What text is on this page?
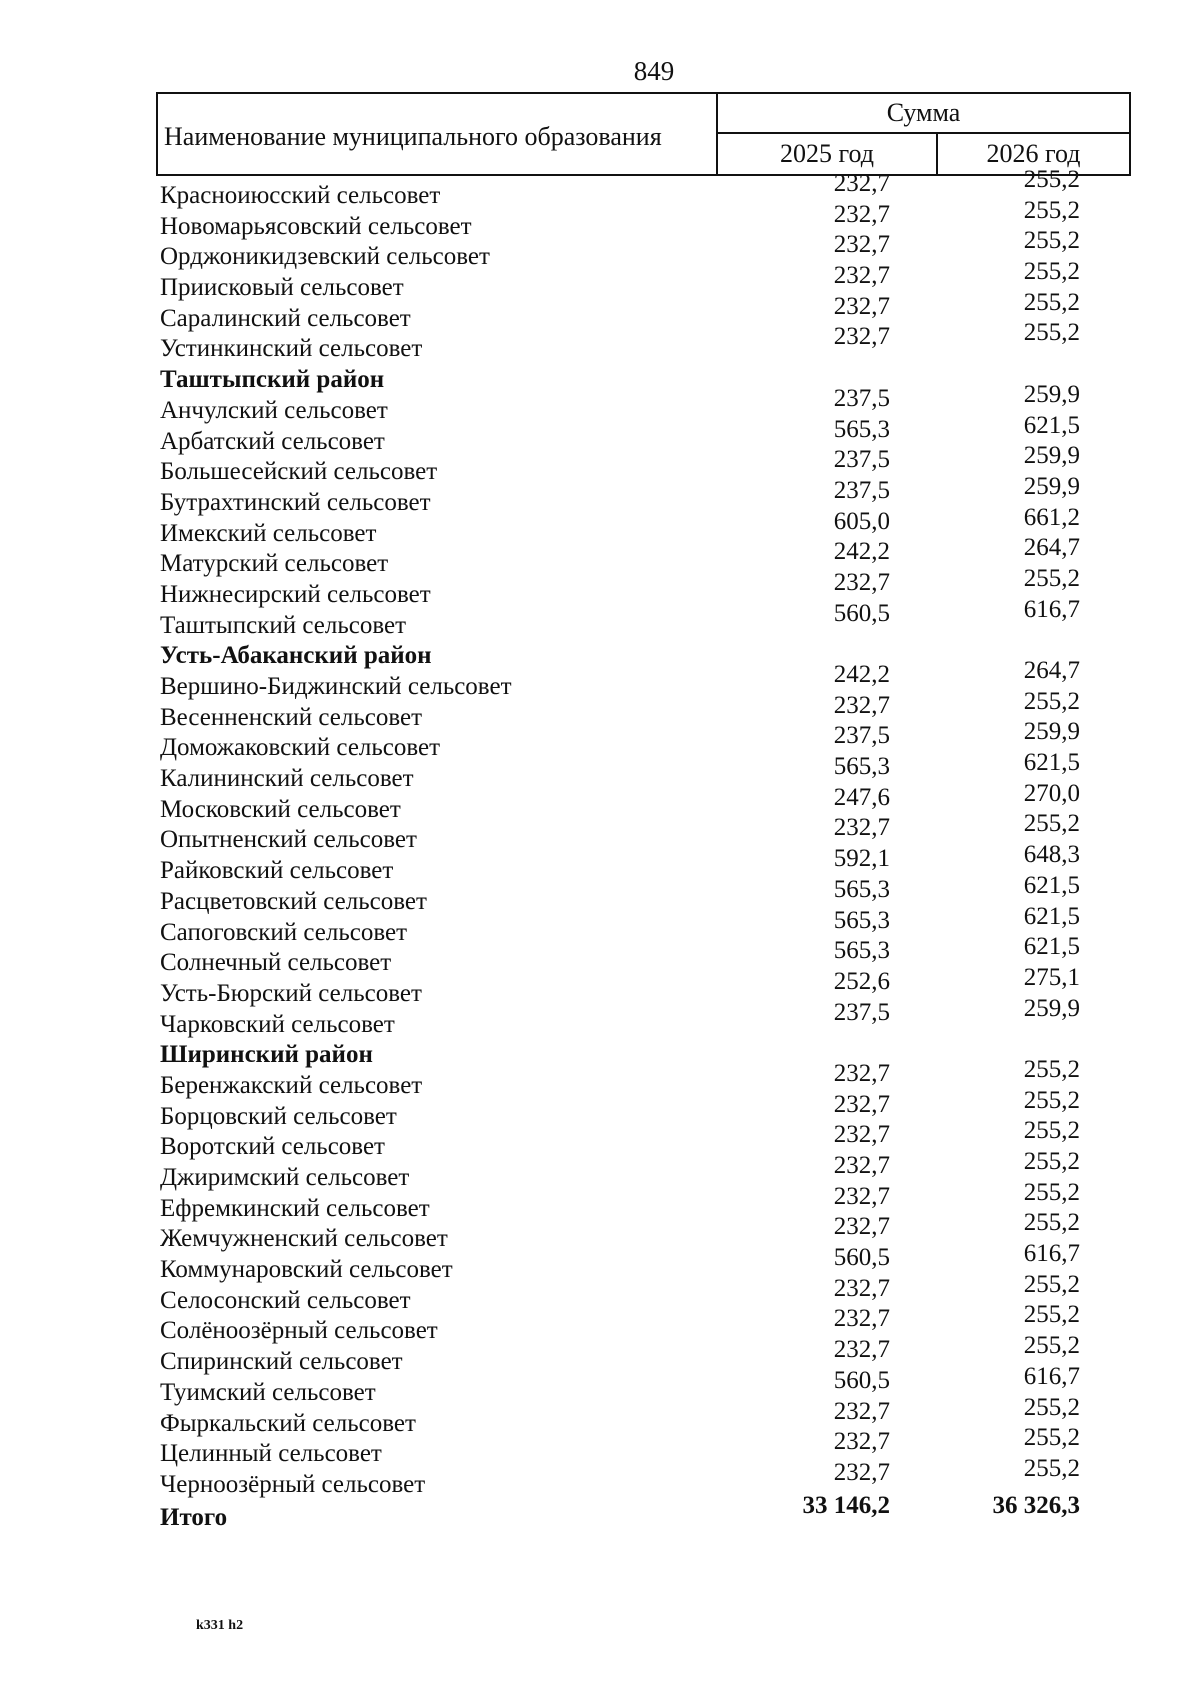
849
Наименование муниципального образования
Сумма
2025 год	2026 год
Красноиюсский сельсовет	232,7	255,2
Новомарьясовский сельсовет	232,7	255,2
Орджоникидзевский сельсовет	232,7	255,2
Приисковый сельсовет	232,7	255,2
Саралинский сельсовет	232,7	255,2
Устинкинский сельсовет	232,7	255,2
Таштыпский район
Анчулский сельсовет	237,5	259,9
Арбатский сельсовет	565,3	621,5
Большесейский сельсовет	237,5	259,9
Бутрахтинский сельсовет	237,5	259,9
Имекский сельсовет	605,0	661,2
Матурский сельсовет	242,2	264,7
Нижнесирский сельсовет	232,7	255,2
Таштыпский сельсовет	560,5	616,7
Усть-Абаканский район
Вершино-Биджинский сельсовет	242,2	264,7
Весенненский сельсовет	232,7	255,2
Доможаковский сельсовет	237,5	259,9
Калининский сельсовет	565,3	621,5
Московский сельсовет	247,6	270,0
Опытненский сельсовет	232,7	255,2
Райковский сельсовет	592,1	648,3
Расцветовский сельсовет	565,3	621,5
Сапоговский сельсовет	565,3	621,5
Солнечный сельсовет	565,3	621,5
Усть-Бюрский сельсовет	252,6	275,1
Чарковский сельсовет	237,5	259,9
Ширинский район
Беренжакский сельсовет	232,7	255,2
Борцовский сельсовет	232,7	255,2
Воротский сельсовет	232,7	255,2
Джиримский сельсовет	232,7	255,2
Ефремкинский сельсовет	232,7	255,2
Жемчужненский сельсовет	232,7	255,2
Коммунаровский сельсовет	560,5	616,7
Селосонский сельсовет	232,7	255,2
Солёноозёрный сельсовет	232,7	255,2
Спиринский сельсовет	232,7	255,2
Туимский сельсовет	560,5	616,7
Фыркальский сельсовет	232,7	255,2
Целинный сельсовет	232,7	255,2
Черноозёрный сельсовет	232,7	255,2
Итого	33 146,2	36 326,3
k331 h2
